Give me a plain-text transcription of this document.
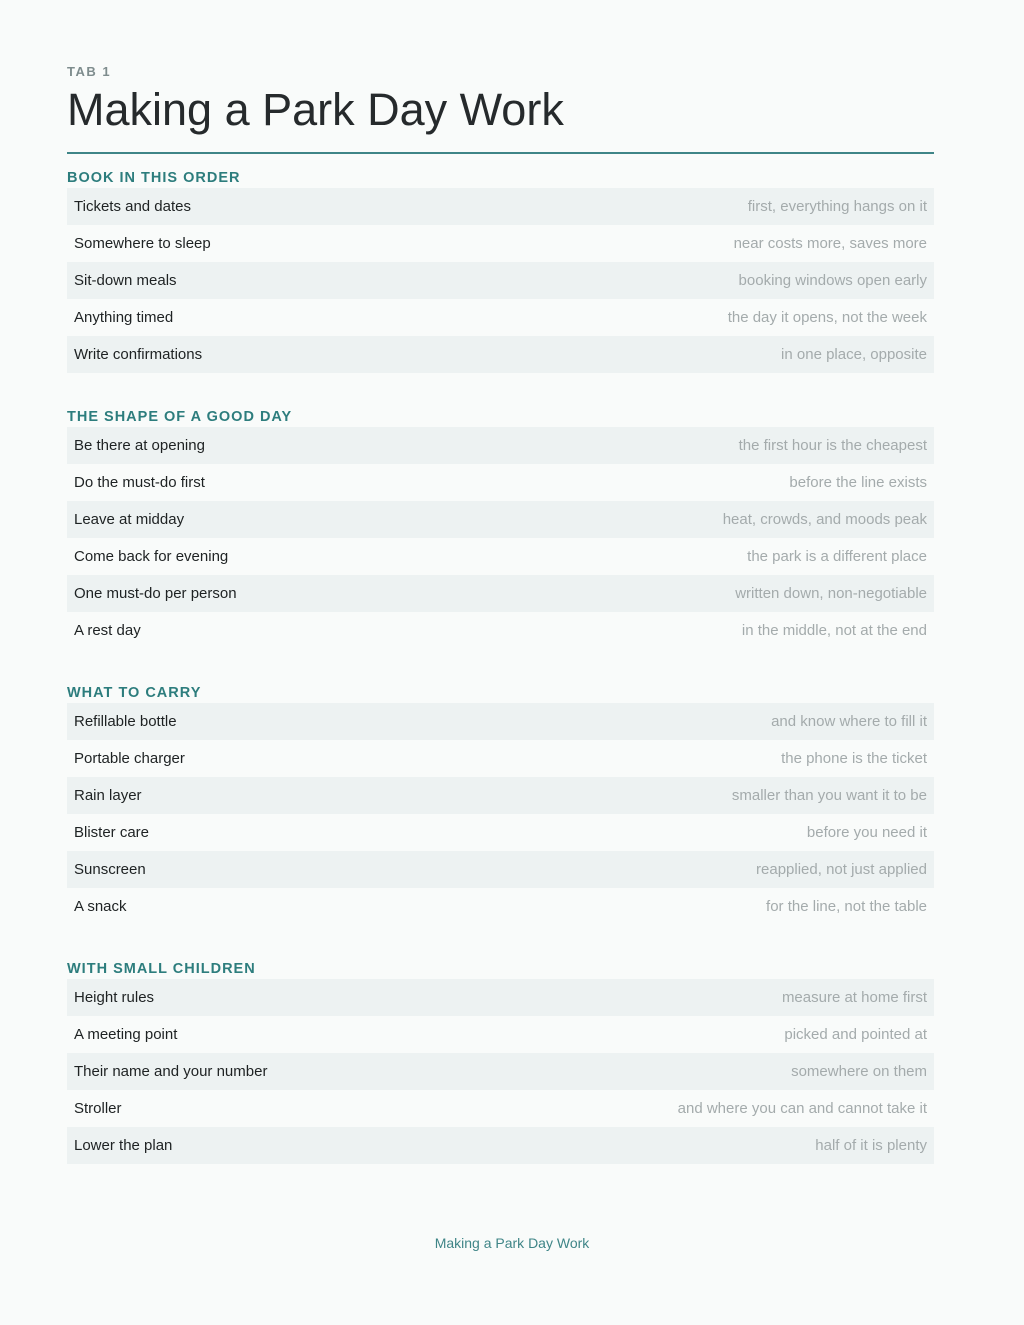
TAB 1
Making a Park Day Work
BOOK IN THIS ORDER
Tickets and dates	first, everything hangs on it
Somewhere to sleep	near costs more, saves more
Sit-down meals	booking windows open early
Anything timed	the day it opens, not the week
Write confirmations	in one place, opposite
THE SHAPE OF A GOOD DAY
Be there at opening	the first hour is the cheapest
Do the must-do first	before the line exists
Leave at midday	heat, crowds, and moods peak
Come back for evening	the park is a different place
One must-do per person	written down, non-negotiable
A rest day	in the middle, not at the end
WHAT TO CARRY
Refillable bottle	and know where to fill it
Portable charger	the phone is the ticket
Rain layer	smaller than you want it to be
Blister care	before you need it
Sunscreen	reapplied, not just applied
A snack	for the line, not the table
WITH SMALL CHILDREN
Height rules	measure at home first
A meeting point	picked and pointed at
Their name and your number	somewhere on them
Stroller	and where you can and cannot take it
Lower the plan	half of it is plenty
Making a Park Day Work
